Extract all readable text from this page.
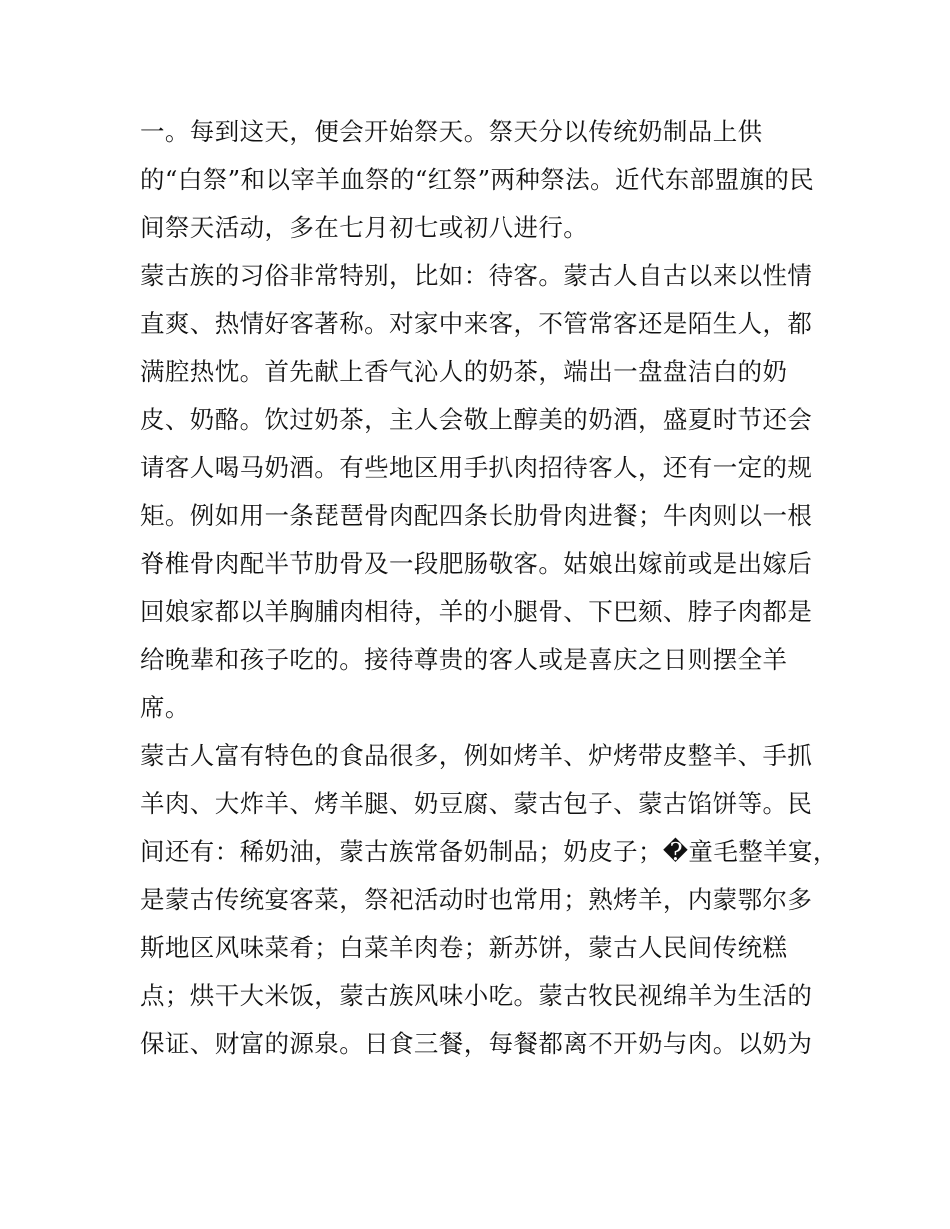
一。每到这天，便会开始祭天。祭天分以传统奶制品上供
的“白祭”和以宰羊血祭的“红祭”两种祭法。近代东部盟旗的民
间祭天活动，多在七月初七或初八进行。
蒙古族的习俗非常特别，比如：待客。蒙古人自古以来以性情
直爽、热情好客著称。对家中来客，不管常客还是陌生人，都
满腔热忱。首先献上香气沁人的奶茶，端出一盘盘洁白的奶
皮、奶酪。饮过奶茶，主人会敬上醇美的奶酒，盛夏时节还会
请客人喝马奶酒。有些地区用手扒肉招待客人，还有一定的规
矩。例如用一条琵琶骨肉配四条长肋骨肉进餐；牛肉则以一根
脊椎骨肉配半节肋骨及一段肥肠敬客。姑娘出嫁前或是出嫁后
回娘家都以羊胸脯肉相待，羊的小腿骨、下巴颏、脖子肉都是
给晚辈和孩子吃的。接待尊贵的客人或是喜庆之日则摆全羊
席。
蒙古人富有特色的食品很多，例如烤羊、炉烤带皮整羊、手抓
羊肉、大炸羊、烤羊腿、奶豆腐、蒙古包子、蒙古馅饼等。民
间还有：稀奶油，蒙古族常备奶制品；奶皮子；�童毛整羊宴，
是蒙古传统宴客菜，祭祀活动时也常用；熟烤羊，内蒙鄂尔多
斯地区风味菜肴；白菜羊肉卷；新苏饼，蒙古人民间传统糕
点；烘干大米饭，蒙古族风味小吃。蒙古牧民视绵羊为生活的
保证、财富的源泉。日食三餐，每餐都离不开奶与肉。以奶为
